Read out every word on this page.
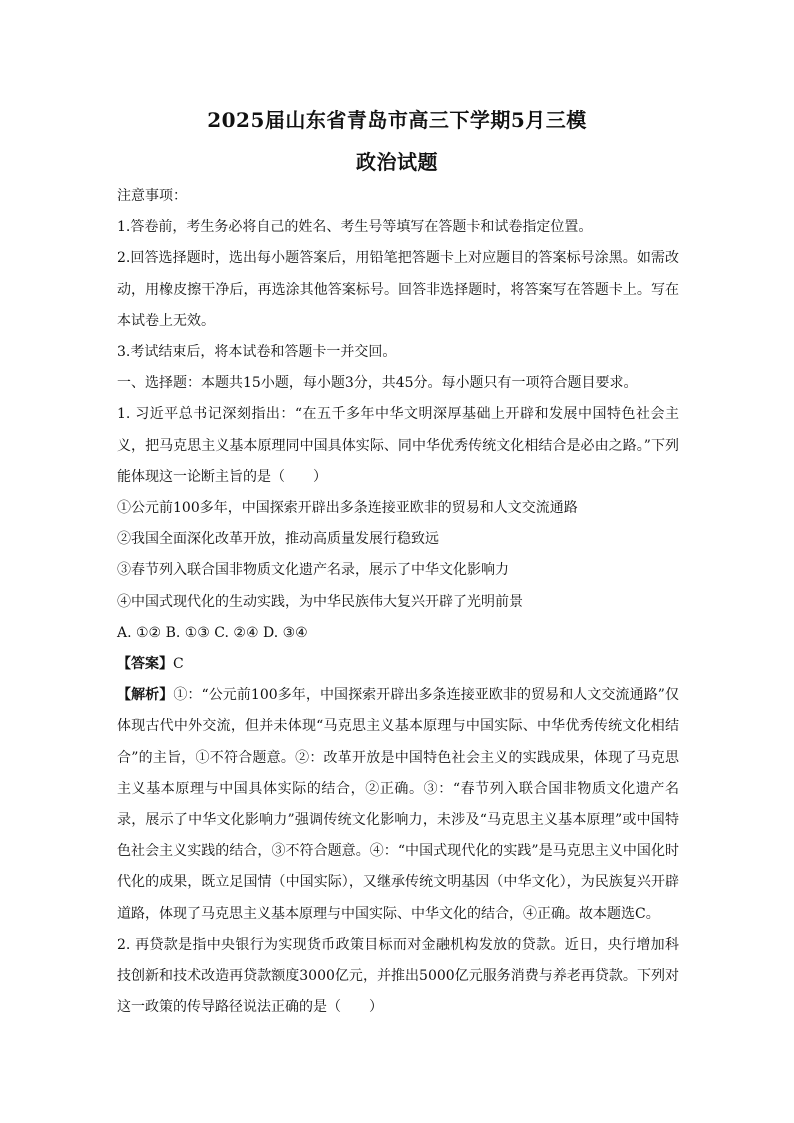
2025届山东省青岛市高三下学期5月三模
政治试题

注意事项：

1.答卷前，考生务必将自己的姓名、考生号等填写在答题卡和试卷指定位置。

2.回答选择题时，选出每小题答案后，用铅笔把答题卡上对应题目的答案标号涂黑。如需改动，用橡皮擦干净后，再选涂其他答案标号。回答非选择题时，将答案写在答题卡上。写在本试卷上无效。

3.考试结束后，将本试卷和答题卡一并交回。

一、选择题：本题共15小题，每小题3分，共45分。每小题只有一项符合题目要求。

1. 习近平总书记深刻指出：“在五千多年中华文明深厚基础上开辟和发展中国特色社会主义，把马克思主义基本原理同中国具体实际、同中华优秀传统文化相结合是必由之路。”下列能体现这一论断主旨的是（　　）

①公元前100多年，中国探索开辟出多条连接亚欧非的贸易和人文交流通路

②我国全面深化改革开放，推动高质量发展行稳致远

③春节列入联合国非物质文化遗产名录，展示了中华文化影响力

④中国式现代化的生动实践，为中华民族伟大复兴开辟了光明前景

A. ①② B. ①③ C. ②④ D. ③④

【答案】C

【解析】①：“公元前100多年，中国探索开辟出多条连接亚欧非的贸易和人文交流通路”仅体现古代中外交流，但并未体现“马克思主义基本原理与中国实际、中华优秀传统文化相结合”的主旨，①不符合题意。②：改革开放是中国特色社会主义的实践成果，体现了马克思主义基本原理与中国具体实际的结合，②正确。③：“春节列入联合国非物质文化遗产名录，展示了中华文化影响力”强调传统文化影响力，未涉及“马克思主义基本原理”或中国特色社会主义实践的结合，③不符合题意。④：“中国式现代化的实践”是马克思主义中国化时代化的成果，既立足国情（中国实际），又继承传统文明基因（中华文化），为民族复兴开辟道路，体现了马克思主义基本原理与中国实际、中华文化的结合，④正确。故本题选C。

2. 再贷款是指中央银行为实现货币政策目标而对金融机构发放的贷款。近日，央行增加科技创新和技术改造再贷款额度3000亿元，并推出5000亿元服务消费与养老再贷款。下列对这一政策的传导路径说法正确的是（　　）
